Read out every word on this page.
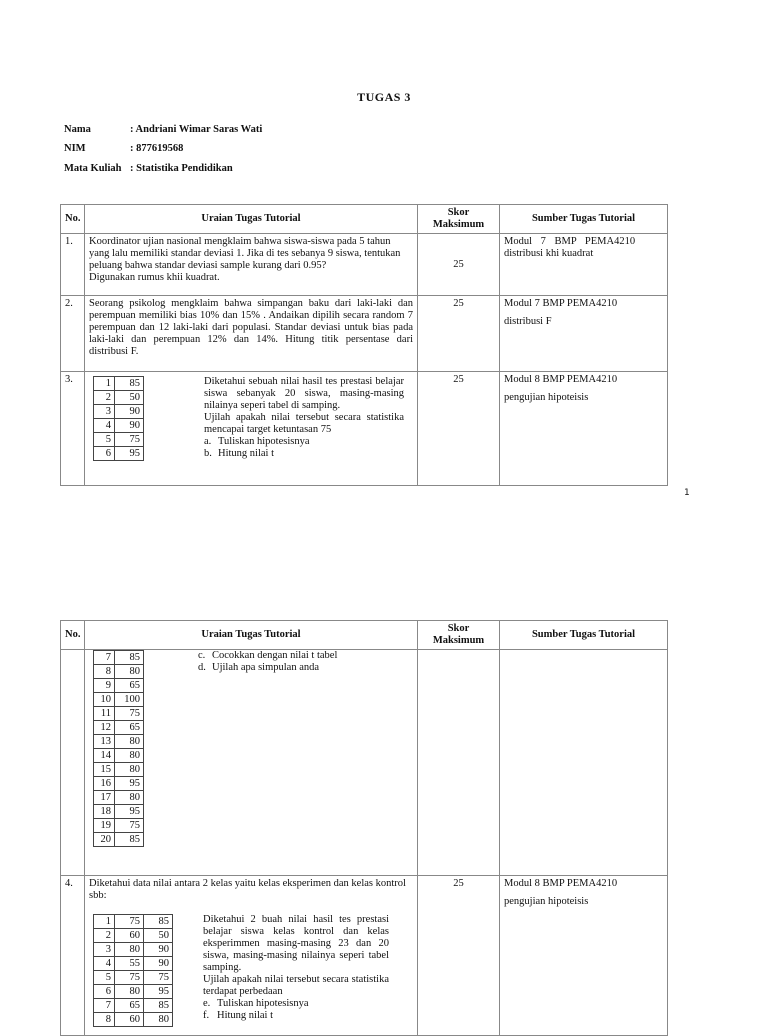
TUGAS 3
Nama	: Andriani Wimar Saras Wati
NIM	: 877619568
Mata Kuliah : Statistika Pendidikan
No.	Uraian Tugas Tutorial	Skor Maksimum	Sumber Tugas Tutorial
1.	Koordinator ujian nasional mengklaim bahwa siswa-siswa pada 5 tahun yang lalu memiliki standar deviasi 1. Jika di tes sebanya 9 siswa, tentukan peluang bahwa standar deviasi sample kurang dari 0.95?
Digunakan rumus khii kuadrat.
	25	
Modul 7 BMP PEMA4210
distribusi khi kuadrat

2.	Seorang psikolog mengklaim bahwa simpangan baku dari laki-laki dan perempuan memiliki bias 10% dan 15% . Andaikan dipilih secara random 7 perempuan dan 12 laki-laki dari populasi. Standar deviasi untuk bias pada laki-laki dan perempuan 12% dan 14%. Hitung titik persentase dari distribusi F.	25	Modul 7 BMP PEMA4210
distribusi F

3.		1	85
2	50
3	90
4	90
5	75
6	95
Diketahui sebuah nilai hasil tes prestasi belajar siswa sebanyak 20 siswa, masing-masing nilainya seperi tabel di samping.
Ujilah apakah nilai tersebut secara statistika mencapai target ketuntasan 75
a. Tuliskan hipotesisnya
b. Hitung nilai t
	25	Modul 8 BMP PEMA4210
pengujian hipoteisis
1
No.	Uraian Tugas Tutorial	Skor Maksimum	Sumber Tugas Tutorial

7	85
8	80
9	65
10	100
11	75
12	65
13	80
14	80
15	80
16	95
17	80
18	95
19	75
20	85
c. Cocokkan dengan nilai t tabel
d. Ujilah apa simpulan anda

4.	Diketahui data nilai antara 2 kelas yaitu kelas eksperimen dan kelas kontrol sbb:
1	75	85
2	60	50
3	80	90
4	55	90
5	75	75
6	80	95
7	65	85
8	60	80
Diketahui 2 buah nilai hasil tes prestasi belajar siswa kelas kontrol dan kelas eksperimmen masing-masing 23 dan 20 siswa, masing-masing nilainya seperi tabel samping.
Ujilah apakah nilai tersebut secara statistika terdapat perbedaan
e. Tuliskan hipotesisnya
f. Hitung nilai t
	25	Modul 8 BMP PEMA4210
pengujian hipoteisis
